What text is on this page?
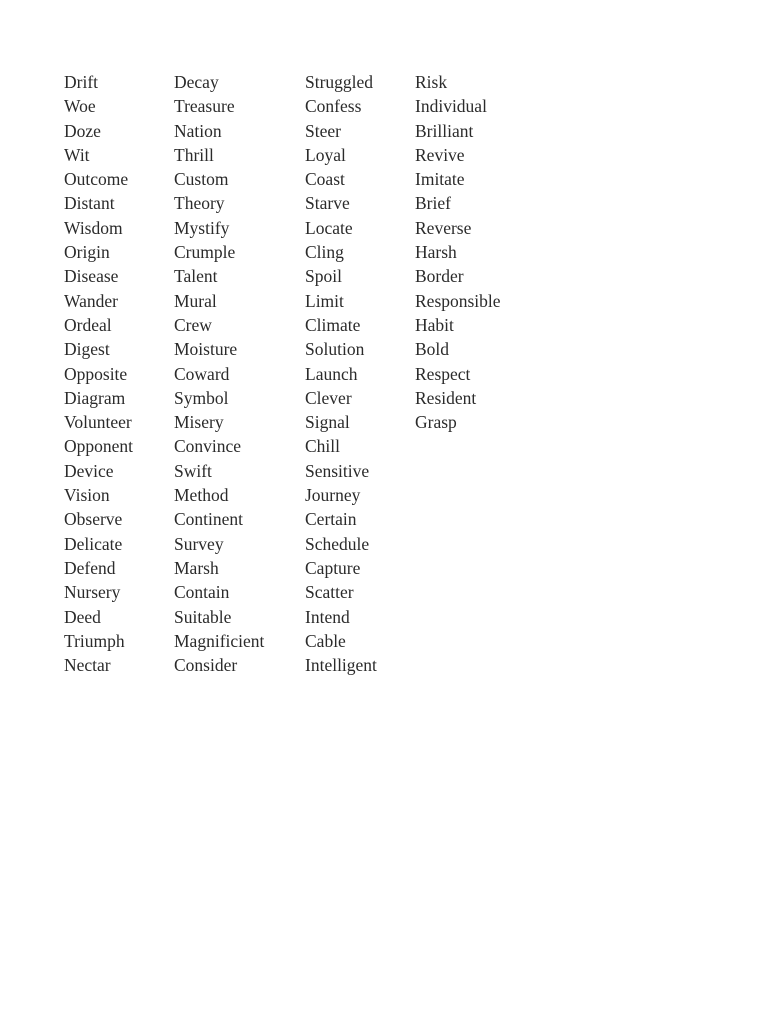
Drift
Woe
Doze
Wit
Outcome
Distant
Wisdom
Origin
Disease
Wander
Ordeal
Digest
Opposite
Diagram
Volunteer
Opponent
Device
Vision
Observe
Delicate
Defend
Nursery
Deed
Triumph
Nectar
Decay
Treasure
Nation
Thrill
Custom
Theory
Mystify
Crumple
Talent
Mural
Crew
Moisture
Coward
Symbol
Misery
Convince
Swift
Method
Continent
Survey
Marsh
Contain
Suitable
Magnificient
Consider
Struggled
Confess
Steer
Loyal
Coast
Starve
Locate
Cling
Spoil
Limit
Climate
Solution
Launch
Clever
Signal
Chill
Sensitive
Journey
Certain
Schedule
Capture
Scatter
Intend
Cable
Intelligent
Risk
Individual
Brilliant
Revive
Imitate
Brief
Reverse
Harsh
Border
Responsible
Habit
Bold
Respect
Resident
Grasp
